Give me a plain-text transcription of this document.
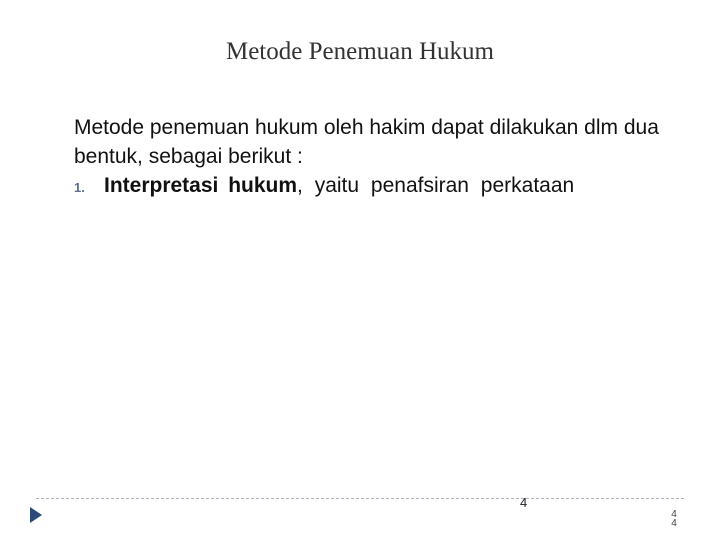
Metode Penemuan Hukum

Metode penemuan hukum oleh hakim dapat dilakukan dlm dua bentuk, sebagai berikut :

1. Interpretasi hukum, yaitu penafsiran perkataan
4
4
4
